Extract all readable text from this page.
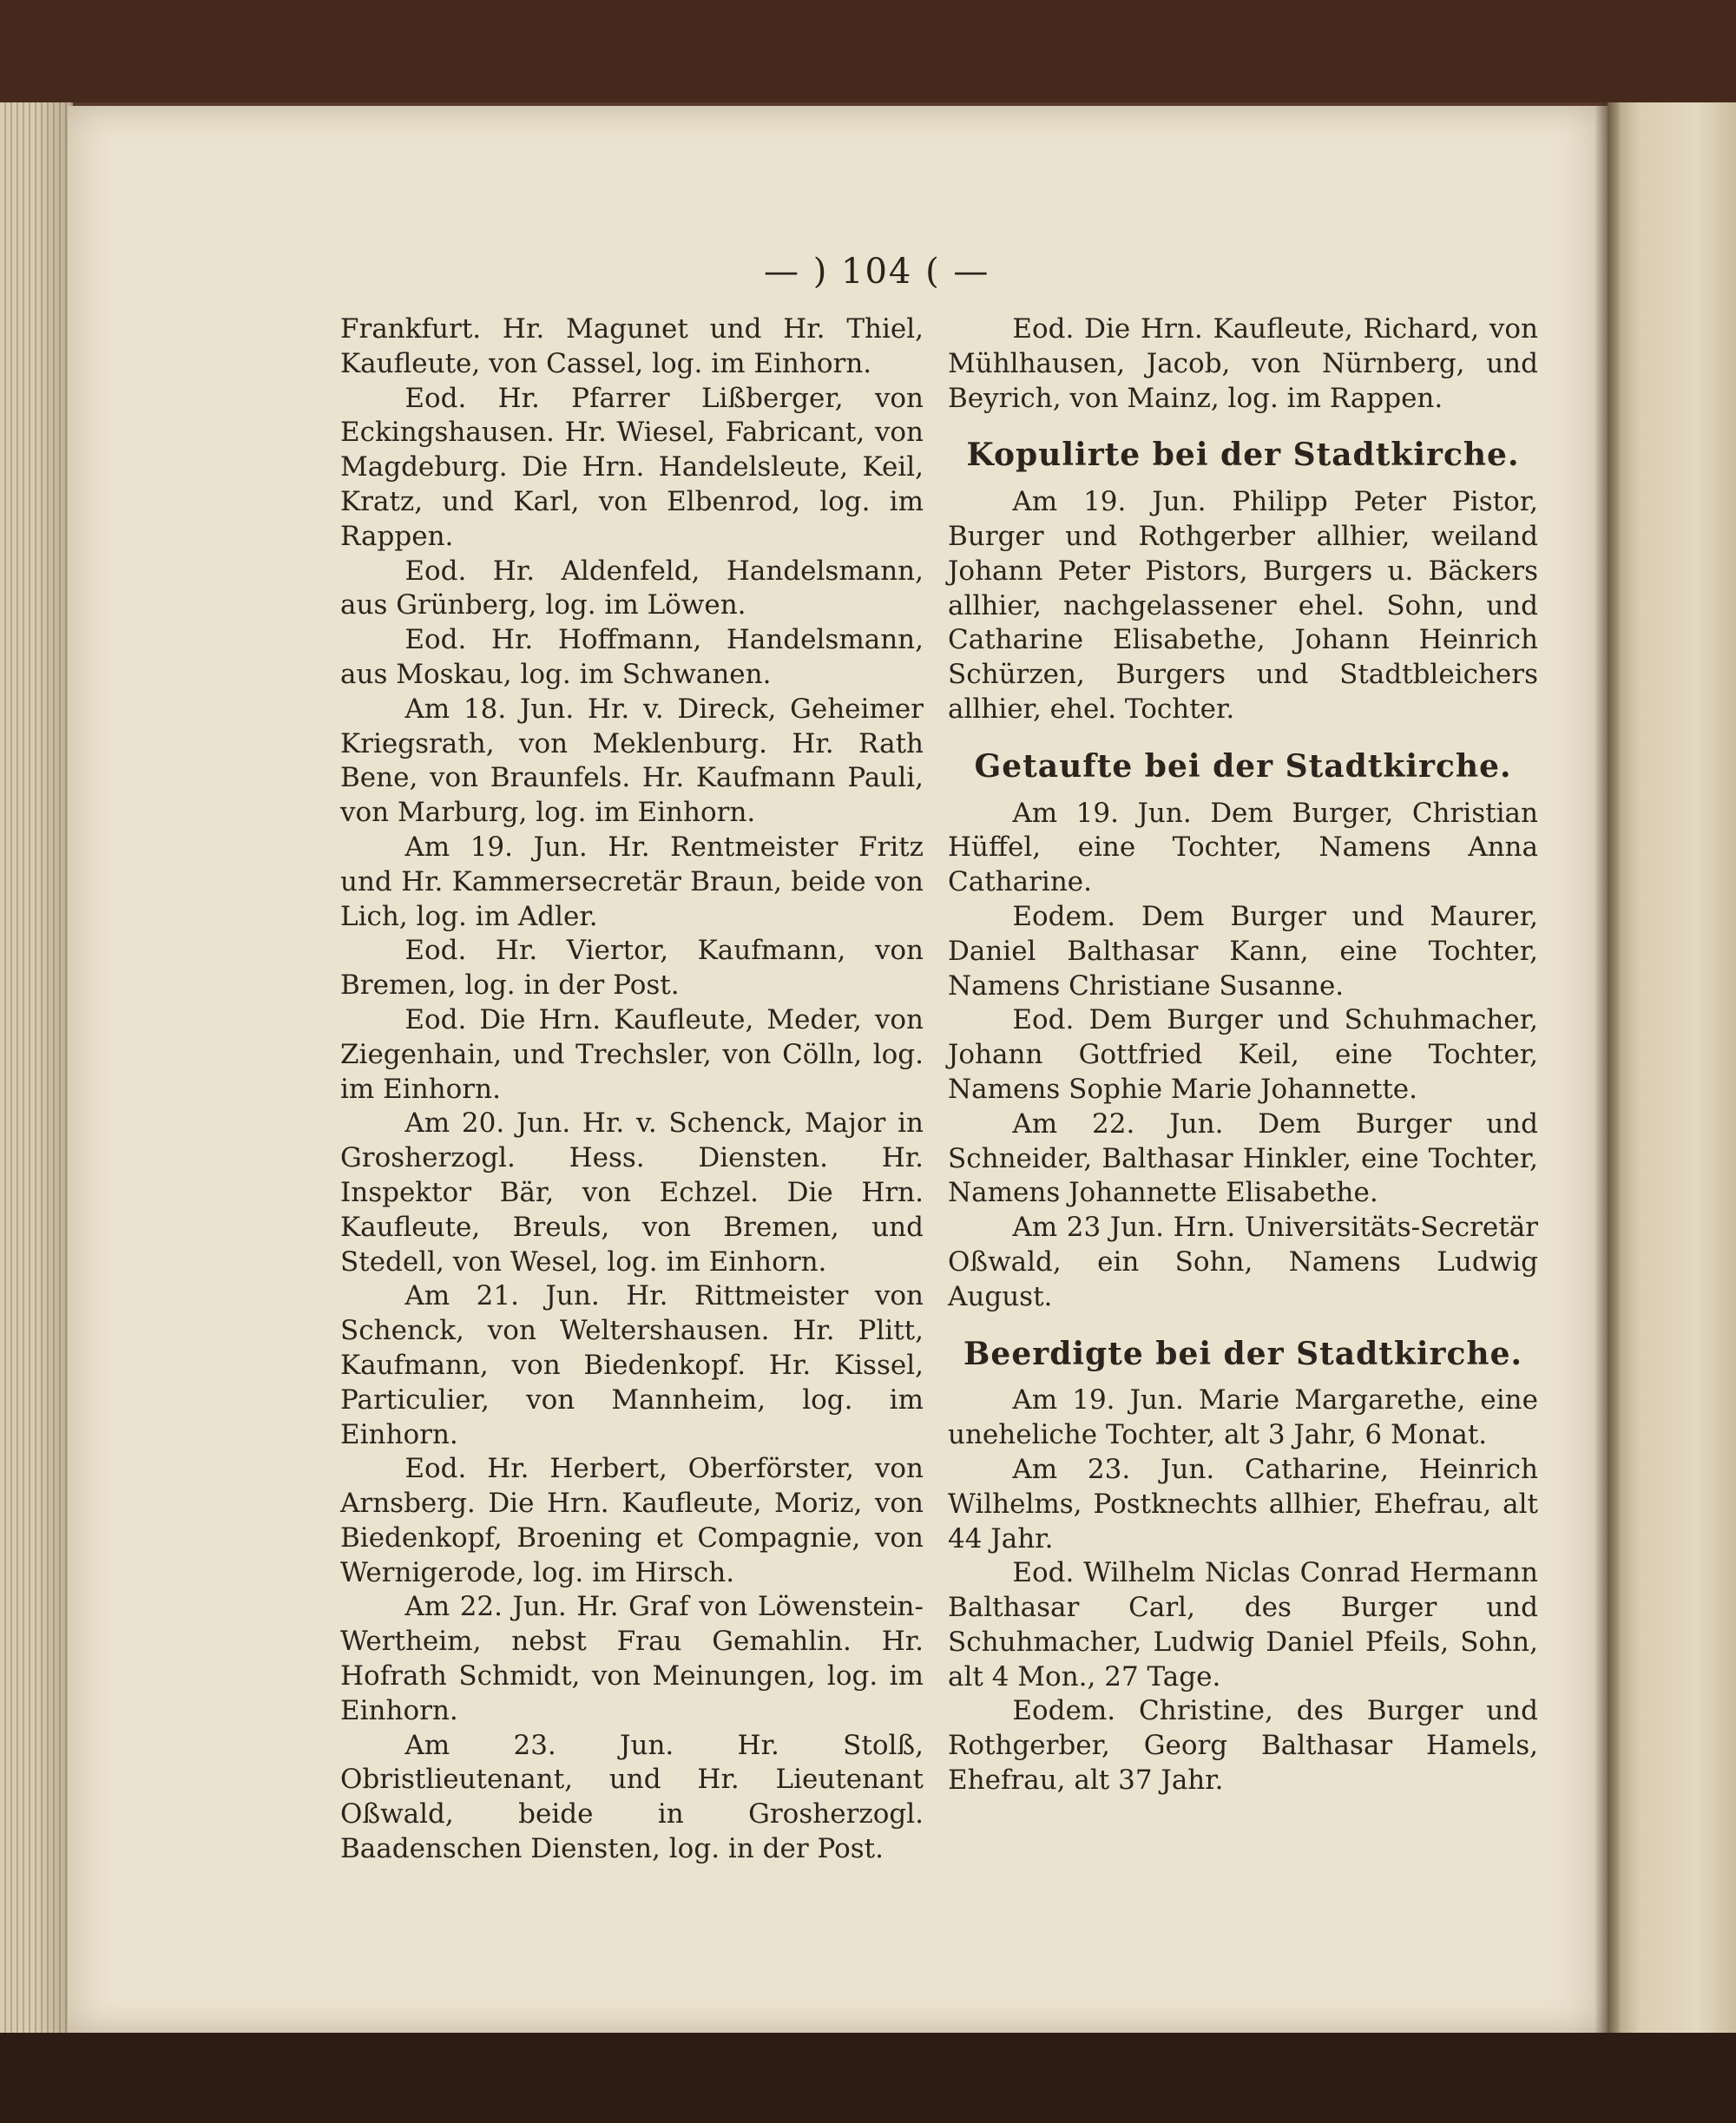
— ) 104 ( —

Frankfurt. Hr. Magunet und Hr. Thiel, Kaufleute, von Cassel, log. im Einhorn.

Eod. Hr. Pfarrer Lißberger, von Eckingshausen. Hr. Wiesel, Fabricant, von Magdeburg. Die Hrn. Handelsleute, Keil, Kratz, und Karl, von Elbenrod, log. im Rappen.

Eod. Hr. Aldenfeld, Handelsmann, aus Grünberg, log. im Löwen.

Eod. Hr. Hoffmann, Handelsmann, aus Moskau, log. im Schwanen.

Am 18. Jun. Hr. v. Direck, Geheimer Kriegsrath, von Meklenburg. Hr. Rath Bene, von Braunfels. Hr. Kaufmann Pauli, von Marburg, log. im Einhorn.

Am 19. Jun. Hr. Rentmeister Fritz und Hr. Kammersecretär Braun, beide von Lich, log. im Adler.

Eod. Hr. Viertor, Kaufmann, von Bremen, log. in der Post.

Eod. Die Hrn. Kaufleute, Meder, von Ziegenhain, und Trechsler, von Cölln, log. im Einhorn.

Am 20. Jun. Hr. v. Schenck, Major in Grosherzogl. Hess. Diensten. Hr. Inspektor Bär, von Echzel. Die Hrn. Kaufleute, Breuls, von Bremen, und Stedell, von Wesel, log. im Einhorn.

Am 21. Jun. Hr. Rittmeister von Schenck, von Weltershausen. Hr. Plitt, Kaufmann, von Biedenkopf. Hr. Kissel, Particulier, von Mannheim, log. im Einhorn.

Eod. Hr. Herbert, Oberförster, von Arnsberg. Die Hrn. Kaufleute, Moriz, von Biedenkopf, Broening et Compagnie, von Wernigerode, log. im Hirsch.

Am 22. Jun. Hr. Graf von Löwenstein-Wertheim, nebst Frau Gemahlin. Hr. Hofrath Schmidt, von Meinungen, log. im Einhorn.

Am 23. Jun. Hr. Stolß, Obristlieutenant, und Hr. Lieutenant Oßwald, beide in Grosherzogl. Baadenschen Diensten, log. in der Post.

Eod. Die Hrn. Kaufleute, Richard, von Mühlhausen, Jacob, von Nürnberg, und Beyrich, von Mainz, log. im Rappen.

Kopulirte bei der Stadtkirche.

Am 19. Jun. Philipp Peter Pistor, Burger und Rothgerber allhier, weiland Johann Peter Pistors, Burgers u. Bäckers allhier, nachgelassener ehel. Sohn, und Catharine Elisabethe, Johann Heinrich Schürzen, Burgers und Stadtbleichers allhier, ehel. Tochter.

Getaufte bei der Stadtkirche.

Am 19. Jun. Dem Burger, Christian Hüffel, eine Tochter, Namens Anna Catharine.

Eodem. Dem Burger und Maurer, Daniel Balthasar Kann, eine Tochter, Namens Christiane Susanne.

Eod. Dem Burger und Schuhmacher, Johann Gottfried Keil, eine Tochter, Namens Sophie Marie Johannette.

Am 22. Jun. Dem Burger und Schneider, Balthasar Hinkler, eine Tochter, Namens Johannette Elisabethe.

Am 23 Jun. Hrn. Universitäts-Secretär Oßwald, ein Sohn, Namens Ludwig August.

Beerdigte bei der Stadtkirche.

Am 19. Jun. Marie Margarethe, eine uneheliche Tochter, alt 3 Jahr, 6 Monat.

Am 23. Jun. Catharine, Heinrich Wilhelms, Postknechts allhier, Ehefrau, alt 44 Jahr.

Eod. Wilhelm Niclas Conrad Hermann Balthasar Carl, des Burger und Schuhmacher, Ludwig Daniel Pfeils, Sohn, alt 4 Mon., 27 Tage.

Eodem. Christine, des Burger und Rothgerber, Georg Balthasar Hamels, Ehefrau, alt 37 Jahr.
